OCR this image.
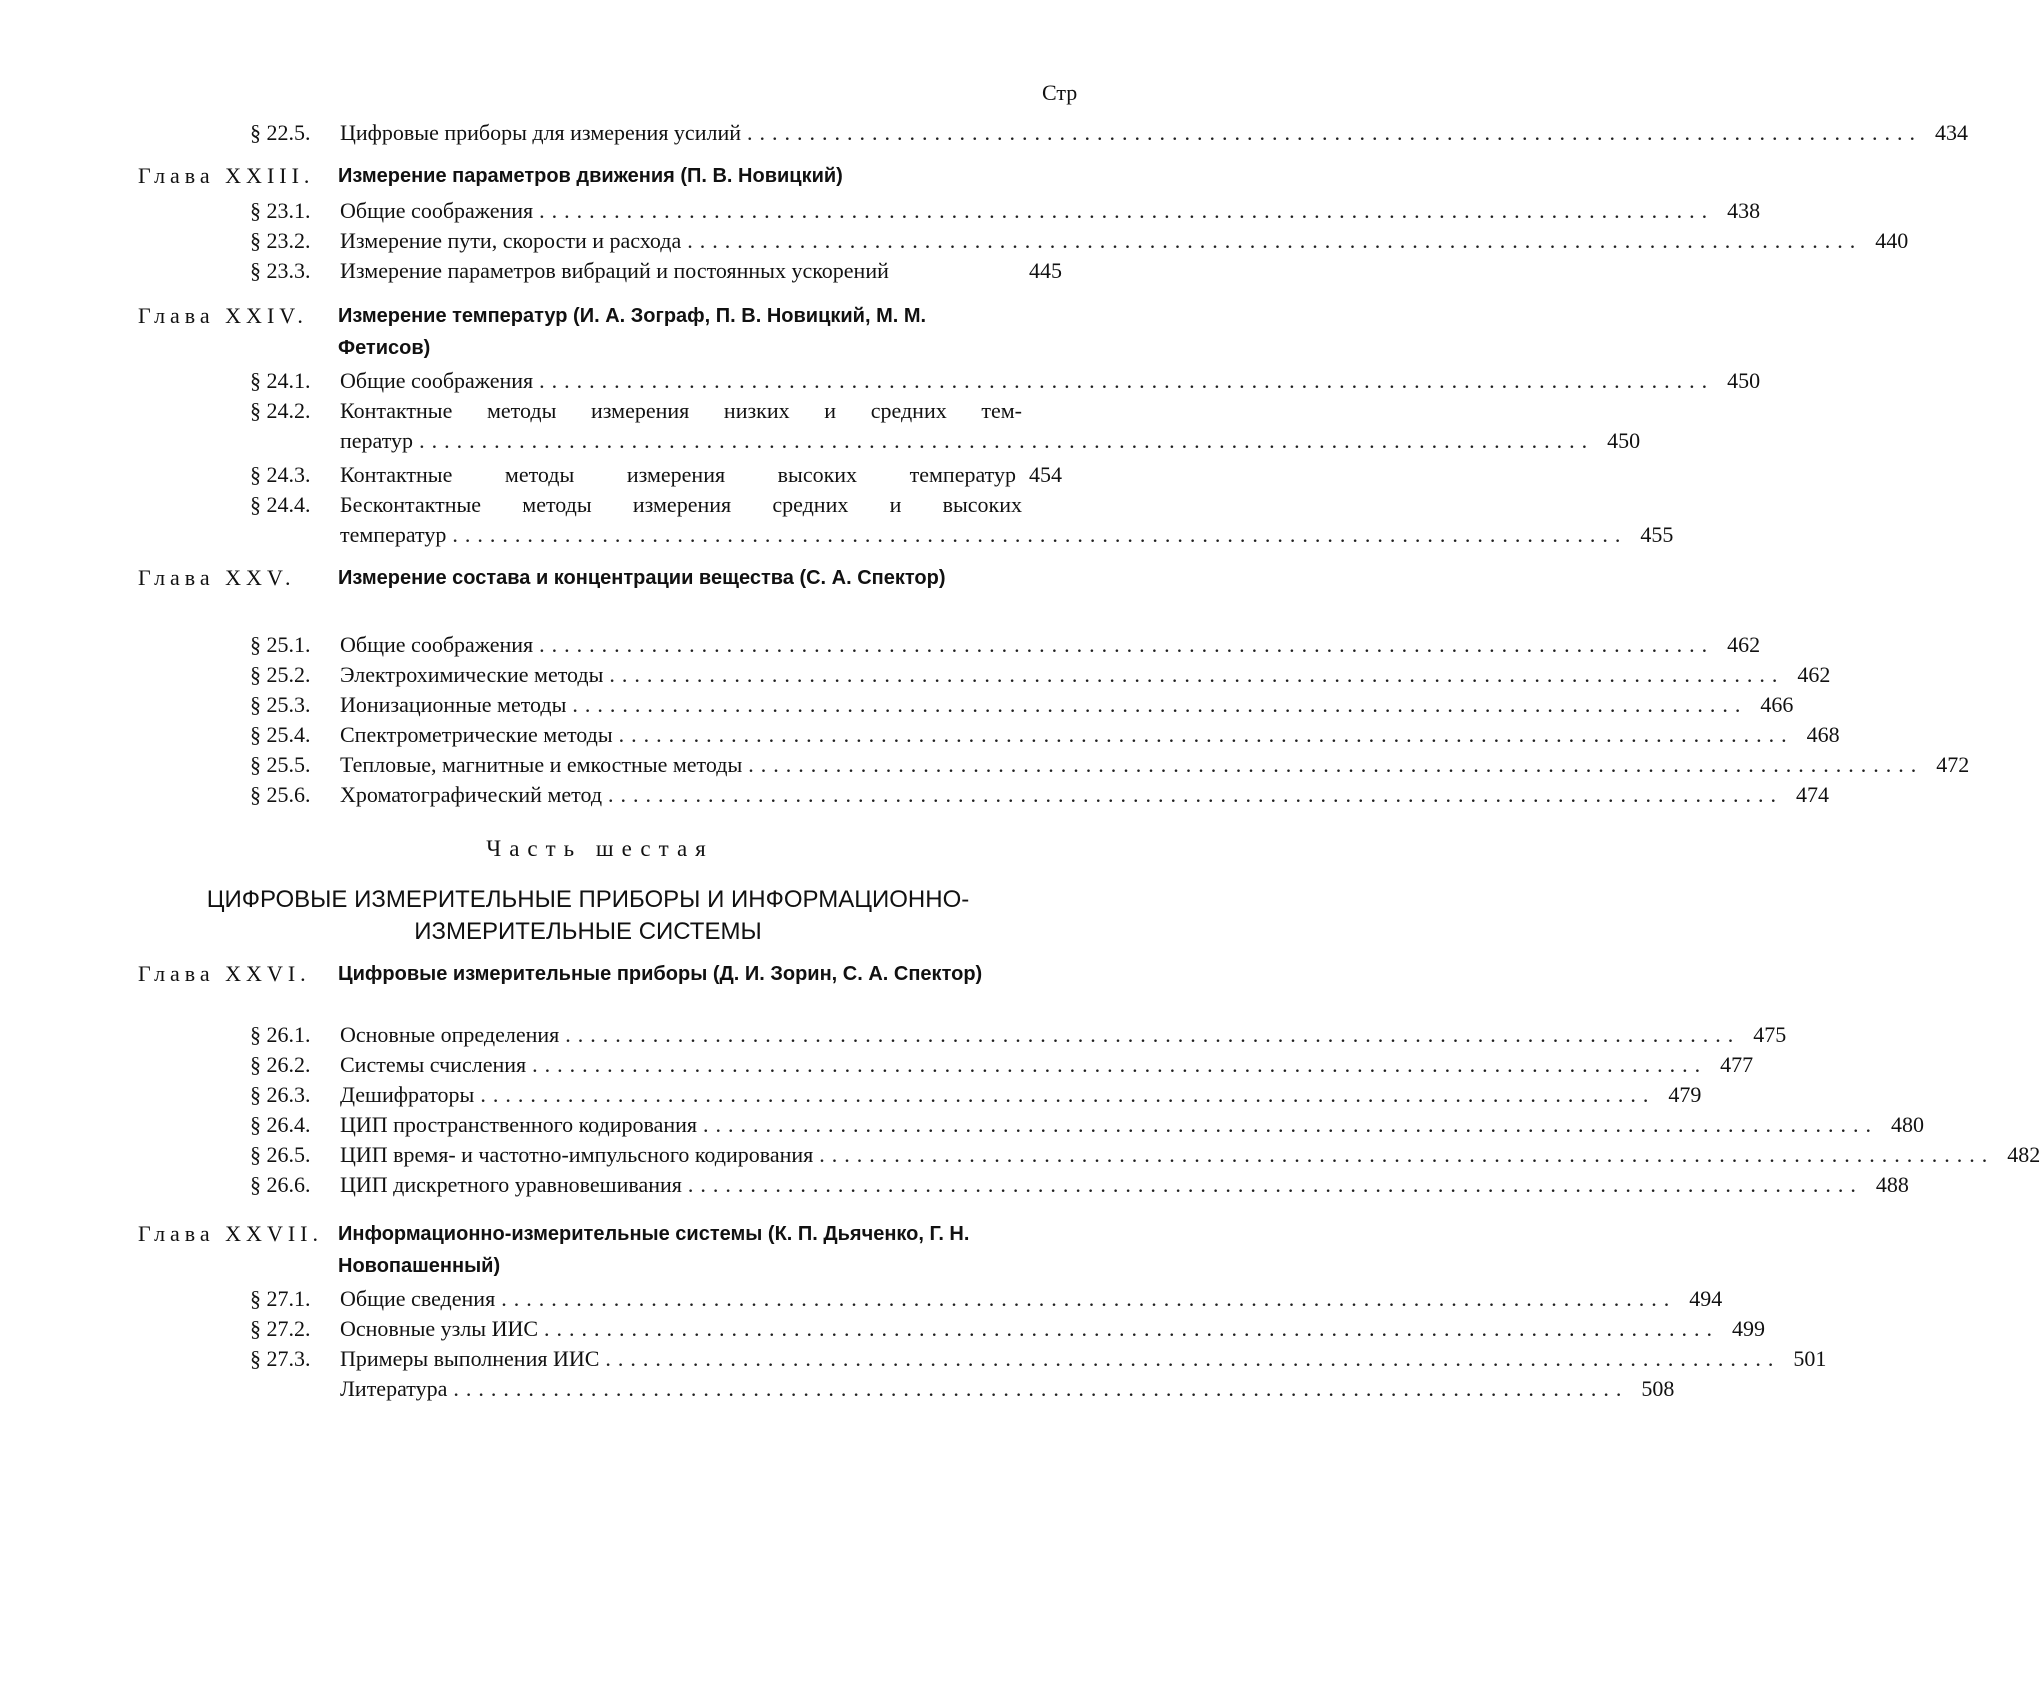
Стр
§ 22.5.	Цифровые приборы для измерения усилий .............................................................................................. 434
Глава XXIII.	Измерение параметров движения (П. В. Новицкий)
§ 23.1.	Общие соображения .............................................................................................. 438
§ 23.2.	Измерение пути, скорости и расхода .............................................................................................. 440
§ 23.3.	Измерение параметров вибраций и постоянных ускорений	445
Глава XXIV.	Измерение температур (И. А. Зограф, П. В. Новицкий, М. М. Фетисов)
§ 24.1.	Общие соображения .............................................................................................. 450
§ 24.2.	Контактные методы измерения низких и средних тем-
ператур .............................................................................................. 450
§ 24.3.	Контактные методы измерения высоких температур 454
§ 24.4.	Бесконтактные методы измерения средних и высоких
температур .............................................................................................. 455
Глава XXV.	Измерение состава и концентрации вещества (С. А. Спектор)
§ 25.1.	Общие соображения .............................................................................................. 462
§ 25.2.	Электрохимические методы .............................................................................................. 462
§ 25.3.	Ионизационные методы .............................................................................................. 466
§ 25.4.	Спектрометрические методы .............................................................................................. 468
§ 25.5.	Тепловые, магнитные и емкостные методы .............................................................................................. 472
§ 25.6.	Хроматографический метод .............................................................................................. 474
Часть шестая
ЦИФРОВЫЕ ИЗМЕРИТЕЛЬНЫЕ ПРИБОРЫ И ИНФОРМАЦИОННО-ИЗМЕРИТЕЛЬНЫЕ СИСТЕМЫ
Глава XXVI.	Цифровые измерительные приборы (Д. И. Зорин, С. А. Спектор)
§ 26.1.	Основные определения .............................................................................................. 475
§ 26.2.	Системы счисления .............................................................................................. 477
§ 26.3.	Дешифраторы .............................................................................................. 479
§ 26.4.	ЦИП пространственного кодирования .............................................................................................. 480
§ 26.5.	ЦИП время- и частотно-импульсного кодирования .............................................................................................. 482
§ 26.6.	ЦИП дискретного уравновешивания .............................................................................................. 488
Глава XXVII. Информационно-измерительные системы (К. П. Дьяченко, Г. Н. Новопашенный)
§ 27.1.	Общие сведения .............................................................................................. 494
§ 27.2.	Основные узлы ИИС .............................................................................................. 499
§ 27.3.	Примеры выполнения ИИС .............................................................................................. 501
Литература .............................................................................................. 508
